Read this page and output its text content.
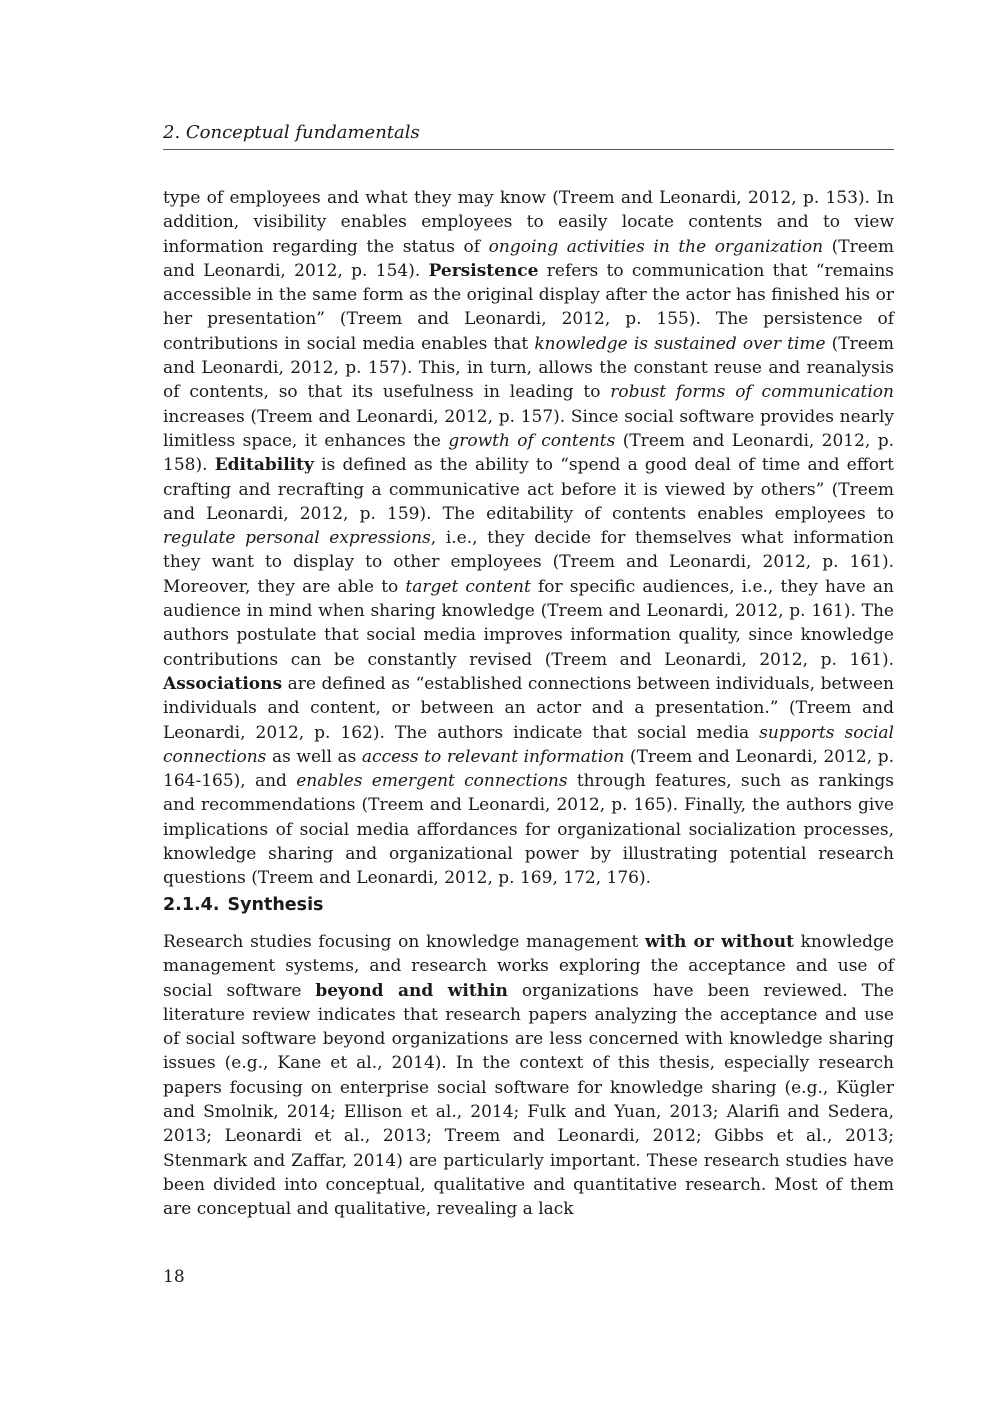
2. Conceptual fundamentals
type of employees and what they may know (Treem and Leonardi, 2012, p. 153). In addition, visibility enables employees to easily locate contents and to view information regarding the status of ongoing activities in the organization (Treem and Leonardi, 2012, p. 154). Persistence refers to communication that “remains accessible in the same form as the original display after the actor has finished his or her presentation” (Treem and Leonardi, 2012, p. 155). The persistence of contributions in social media enables that knowledge is sustained over time (Treem and Leonardi, 2012, p. 157). This, in turn, allows the constant reuse and reanalysis of contents, so that its usefulness in leading to robust forms of communication increases (Treem and Leonardi, 2012, p. 157). Since social software provides nearly limitless space, it enhances the growth of contents (Treem and Leonardi, 2012, p. 158). Editability is defined as the ability to “spend a good deal of time and effort crafting and recrafting a communicative act before it is viewed by others” (Treem and Leonardi, 2012, p. 159). The editability of contents enables employees to regulate personal expressions, i.e., they decide for themselves what information they want to display to other employees (Treem and Leonardi, 2012, p. 161). Moreover, they are able to target content for specific audiences, i.e., they have an audience in mind when sharing knowledge (Treem and Leonardi, 2012, p. 161). The authors postulate that social media improves information quality, since knowledge contributions can be constantly revised (Treem and Leonardi, 2012, p. 161). Associations are defined as “established connections between individuals, between individuals and content, or between an actor and a presentation.” (Treem and Leonardi, 2012, p. 162). The authors indicate that social media supports social connections as well as access to relevant information (Treem and Leonardi, 2012, p. 164-165), and enables emergent connections through features, such as rankings and recommendations (Treem and Leonardi, 2012, p. 165). Finally, the authors give implications of social media affordances for organizational socialization processes, knowledge sharing and organizational power by illustrating potential research questions (Treem and Leonardi, 2012, p. 169, 172, 176).
2.1.4. Synthesis
Research studies focusing on knowledge management with or without knowledge management systems, and research works exploring the acceptance and use of social software beyond and within organizations have been reviewed. The literature review indicates that research papers analyzing the acceptance and use of social software beyond organizations are less concerned with knowledge sharing issues (e.g., Kane et al., 2014). In the context of this thesis, especially research papers focusing on enterprise social software for knowledge sharing (e.g., Kügler and Smolnik, 2014; Ellison et al., 2014; Fulk and Yuan, 2013; Alarifi and Sedera, 2013; Leonardi et al., 2013; Treem and Leonardi, 2012; Gibbs et al., 2013; Stenmark and Zaffar, 2014) are particularly important. These research studies have been divided into conceptual, qualitative and quantitative research. Most of them are conceptual and qualitative, revealing a lack
18
